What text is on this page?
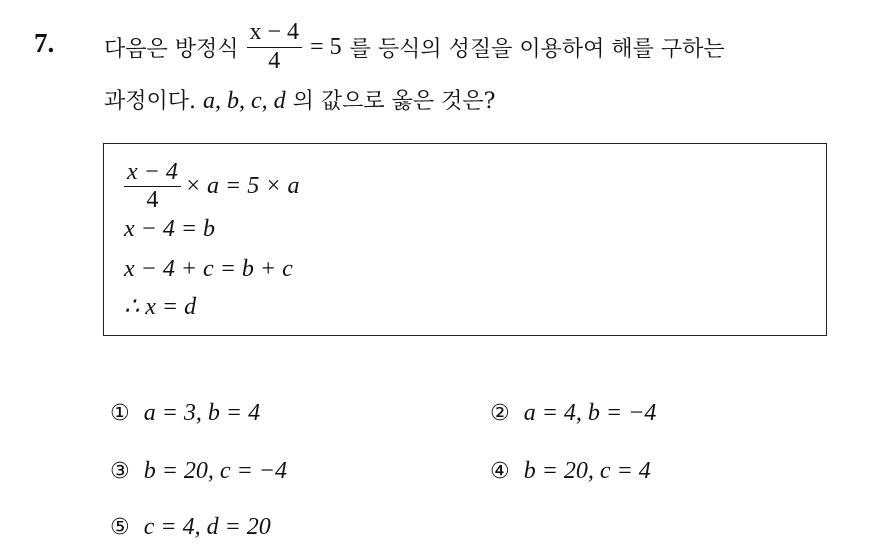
7. 다음은 방정식 $\frac{x - 4}{4} = 5$ 를 등식의 성질을 이용하여 해를 구하는
과정이다. a, b, c, d 의 값으로 옳은 것은?
$\frac{x - 4}{4} \times a = 5 \times a$
x − 4 = b
x − 4 + c = b + c
∴ x = d
① a = 3, b = 4	② a = 4, b = −4
③ b = 20, c = −4	④ b = 20, c = 4
⑤ c = 4, d = 20
